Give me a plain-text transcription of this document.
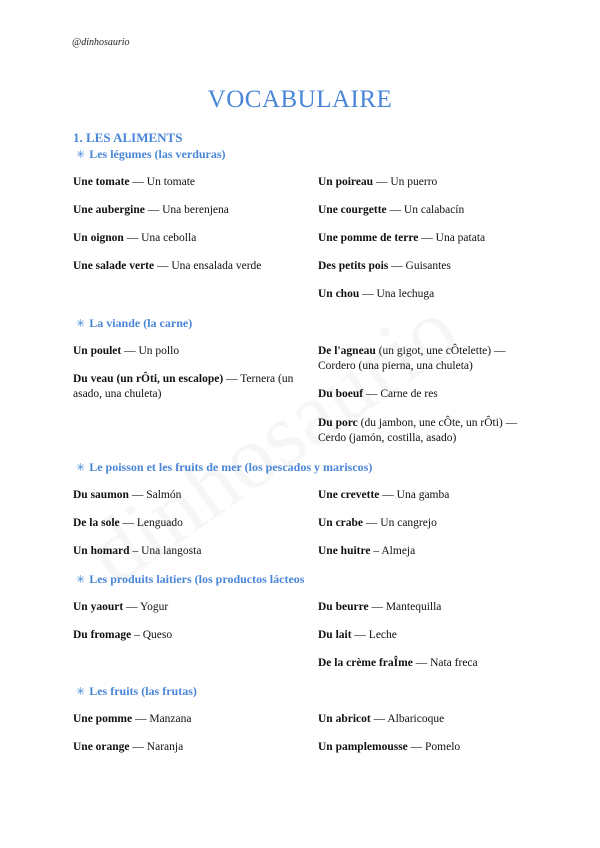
@dinhosaurio
VOCABULAIRE
1. LES ALIMENTS
✳ Les légumes (las verduras)
✳ La viande (la carne)
✳ Le poisson et les fruits de mer (los pescados y mariscos)
✳ Les produits laitiers (los productos lácteos
✳ Les fruits (las frutas)
Une tomate — Un tomate
Une aubergine — Una berenjena
Un oignon — Una cebolla
Une salade verte — Una ensalada verde
Un poireau — Un puerro
Une courgette — Un calabacín
Une pomme de terre — Una patata
Des petits pois — Guisantes
Un chou — Una lechuga
Un poulet — Un pollo
Du veau (un rÔti, un escalope) — Ternera (un asado, una chuleta)
De l'agneau (un gigot, une cÔtelette) — Cordero (una pierna, una chuleta)
Du boeuf — Carne de res
Du porc (du jambon, une cÔte, un rÔti) — Cerdo (jamón, costilla, asado)
Du saumon — Salmón
De la sole — Lenguado
Un homard – Una langosta
Une crevette — Una gamba
Un crabe — Un cangrejo
Une huitre – Almeja
Un yaourt — Yogur
Du fromage – Queso
Du beurre — Mantequilla
Du lait — Leche
De la crème fraÎme — Nata freca
Une pomme — Manzana
Une orange — Naranja
Un abricot — Albaricoque
Un pamplemousse — Pomelo
